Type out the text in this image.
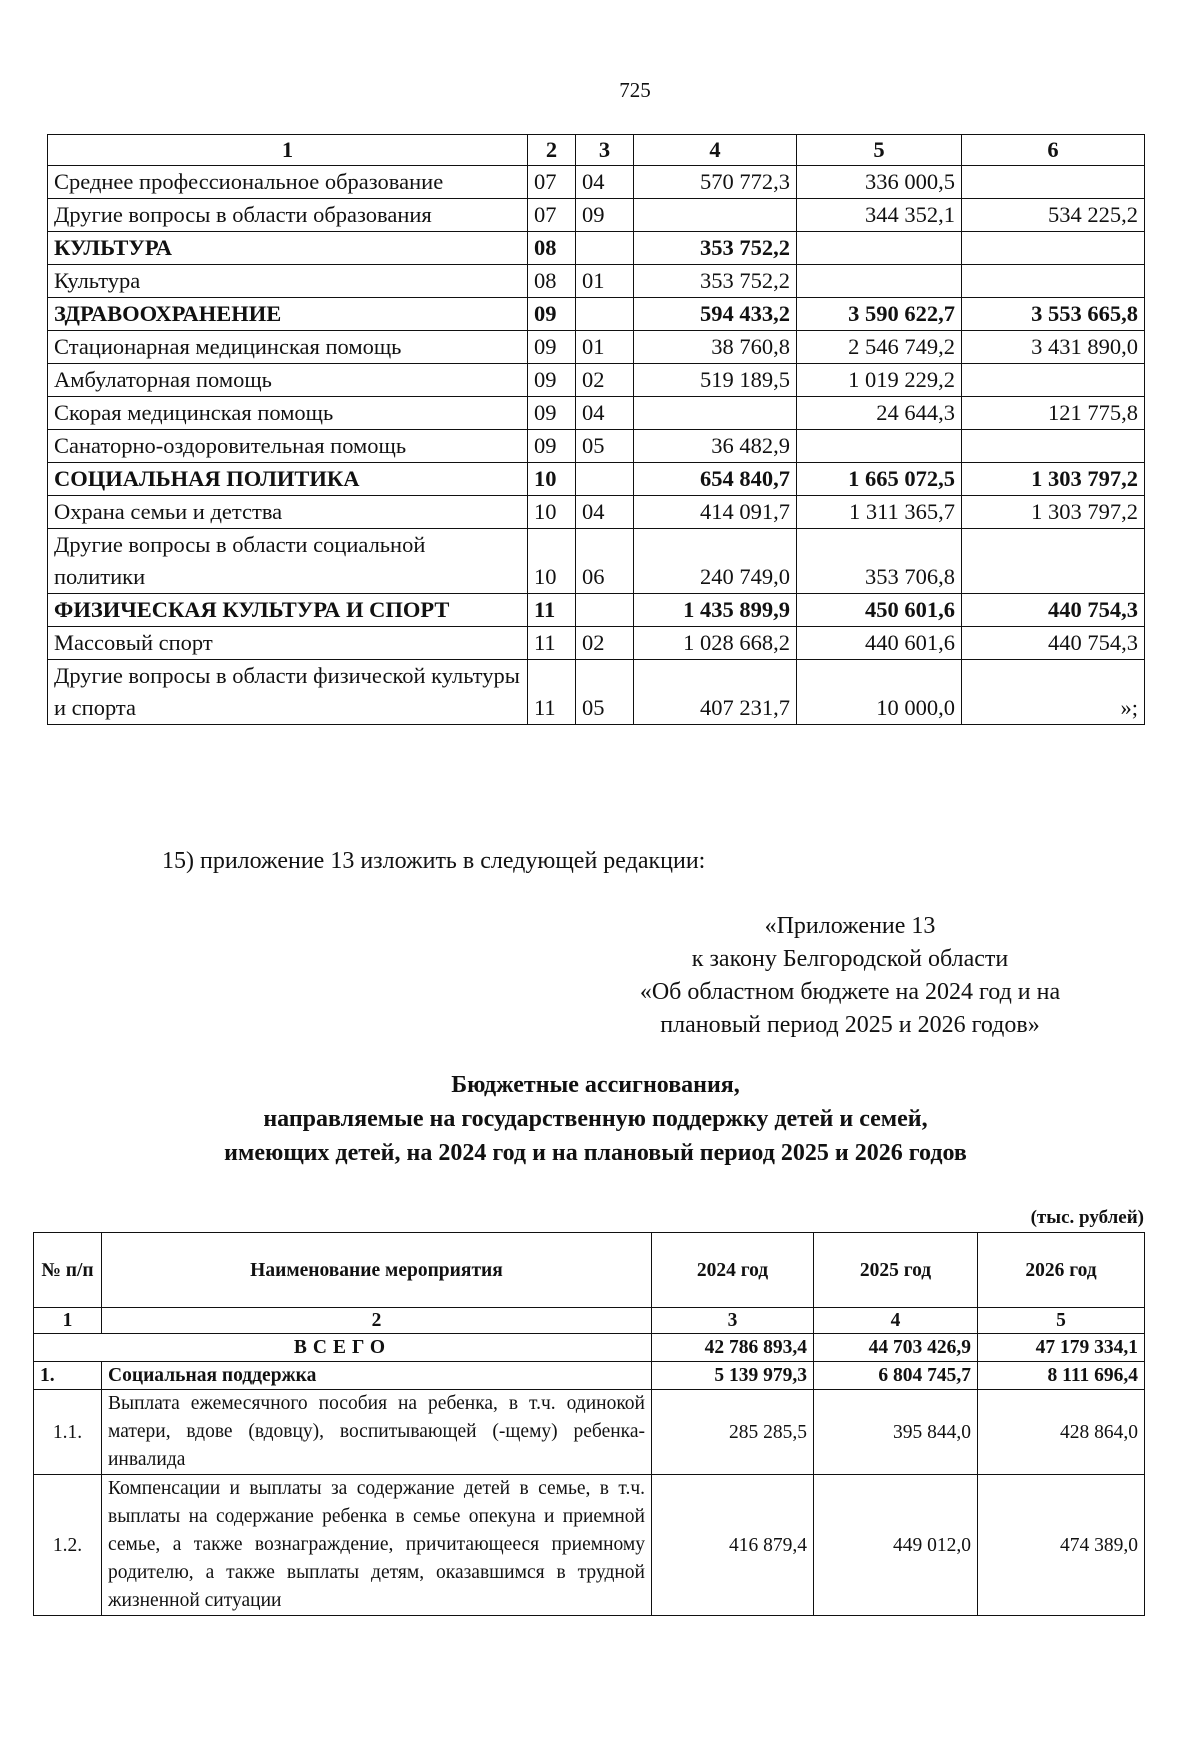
725
1	2	3	4	5	6
Среднее профессиональное образование	07	04	570 772,3	336 000,5	
Другие вопросы в области образования	07	09		344 352,1	534 225,2
КУЛЬТУРА	08		353 752,2		
Культура	08	01	353 752,2		
ЗДРАВООХРАНЕНИЕ	09		594 433,2	3 590 622,7	3 553 665,8
Стационарная медицинская помощь	09	01	38 760,8	2 546 749,2	3 431 890,0
Амбулаторная помощь	09	02	519 189,5	1 019 229,2	
Скорая медицинская помощь	09	04		24 644,3	121 775,8
Санаторно-оздоровительная помощь	09	05	36 482,9		
СОЦИАЛЬНАЯ ПОЛИТИКА	10		654 840,7	1 665 072,5	1 303 797,2
Охрана семьи и детства	10	04	414 091,7	1 311 365,7	1 303 797,2
Другие вопросы в области социальной политики	10	06	240 749,0	353 706,8	
ФИЗИЧЕСКАЯ КУЛЬТУРА И СПОРТ	11		1 435 899,9	450 601,6	440 754,3
Массовый спорт	11	02	1 028 668,2	440 601,6	440 754,3
Другие вопросы в области физической культуры и спорта	11	05	407 231,7	10 000,0	»;
15) приложение 13 изложить в следующей редакции:
«Приложение 13
к закону Белгородской области
«Об областном бюджете на 2024 год и на
плановый период 2025 и 2026 годов»
Бюджетные ассигнования,
направляемые на государственную поддержку детей и семей,
имеющих детей, на 2024 год и на плановый период 2025 и 2026 годов
(тыс. рублей)
№ п/п	Наименование мероприятия	2024 год	2025 год	2026 год
1	2	3	4	5
ВСЕГО		42 786 893,4	44 703 426,9	47 179 334,1
1.	Социальная поддержка	5 139 979,3	6 804 745,7	8 111 696,4
1.1.	Выплата ежемесячного пособия на ребенка, в т.ч. одинокой матери, вдове (вдовцу), воспитывающей (-щему) ребенка-инвалида	285 285,5	395 844,0	428 864,0
1.2.	Компенсации и выплаты за содержание детей в семье, в т.ч. выплаты на содержание ребенка в семье опекуна и приемной семье, а также вознаграждение, причитающееся приемному родителю, а также выплаты детям, оказавшимся в трудной жизненной ситуации	416 879,4	449 012,0	474 389,0
